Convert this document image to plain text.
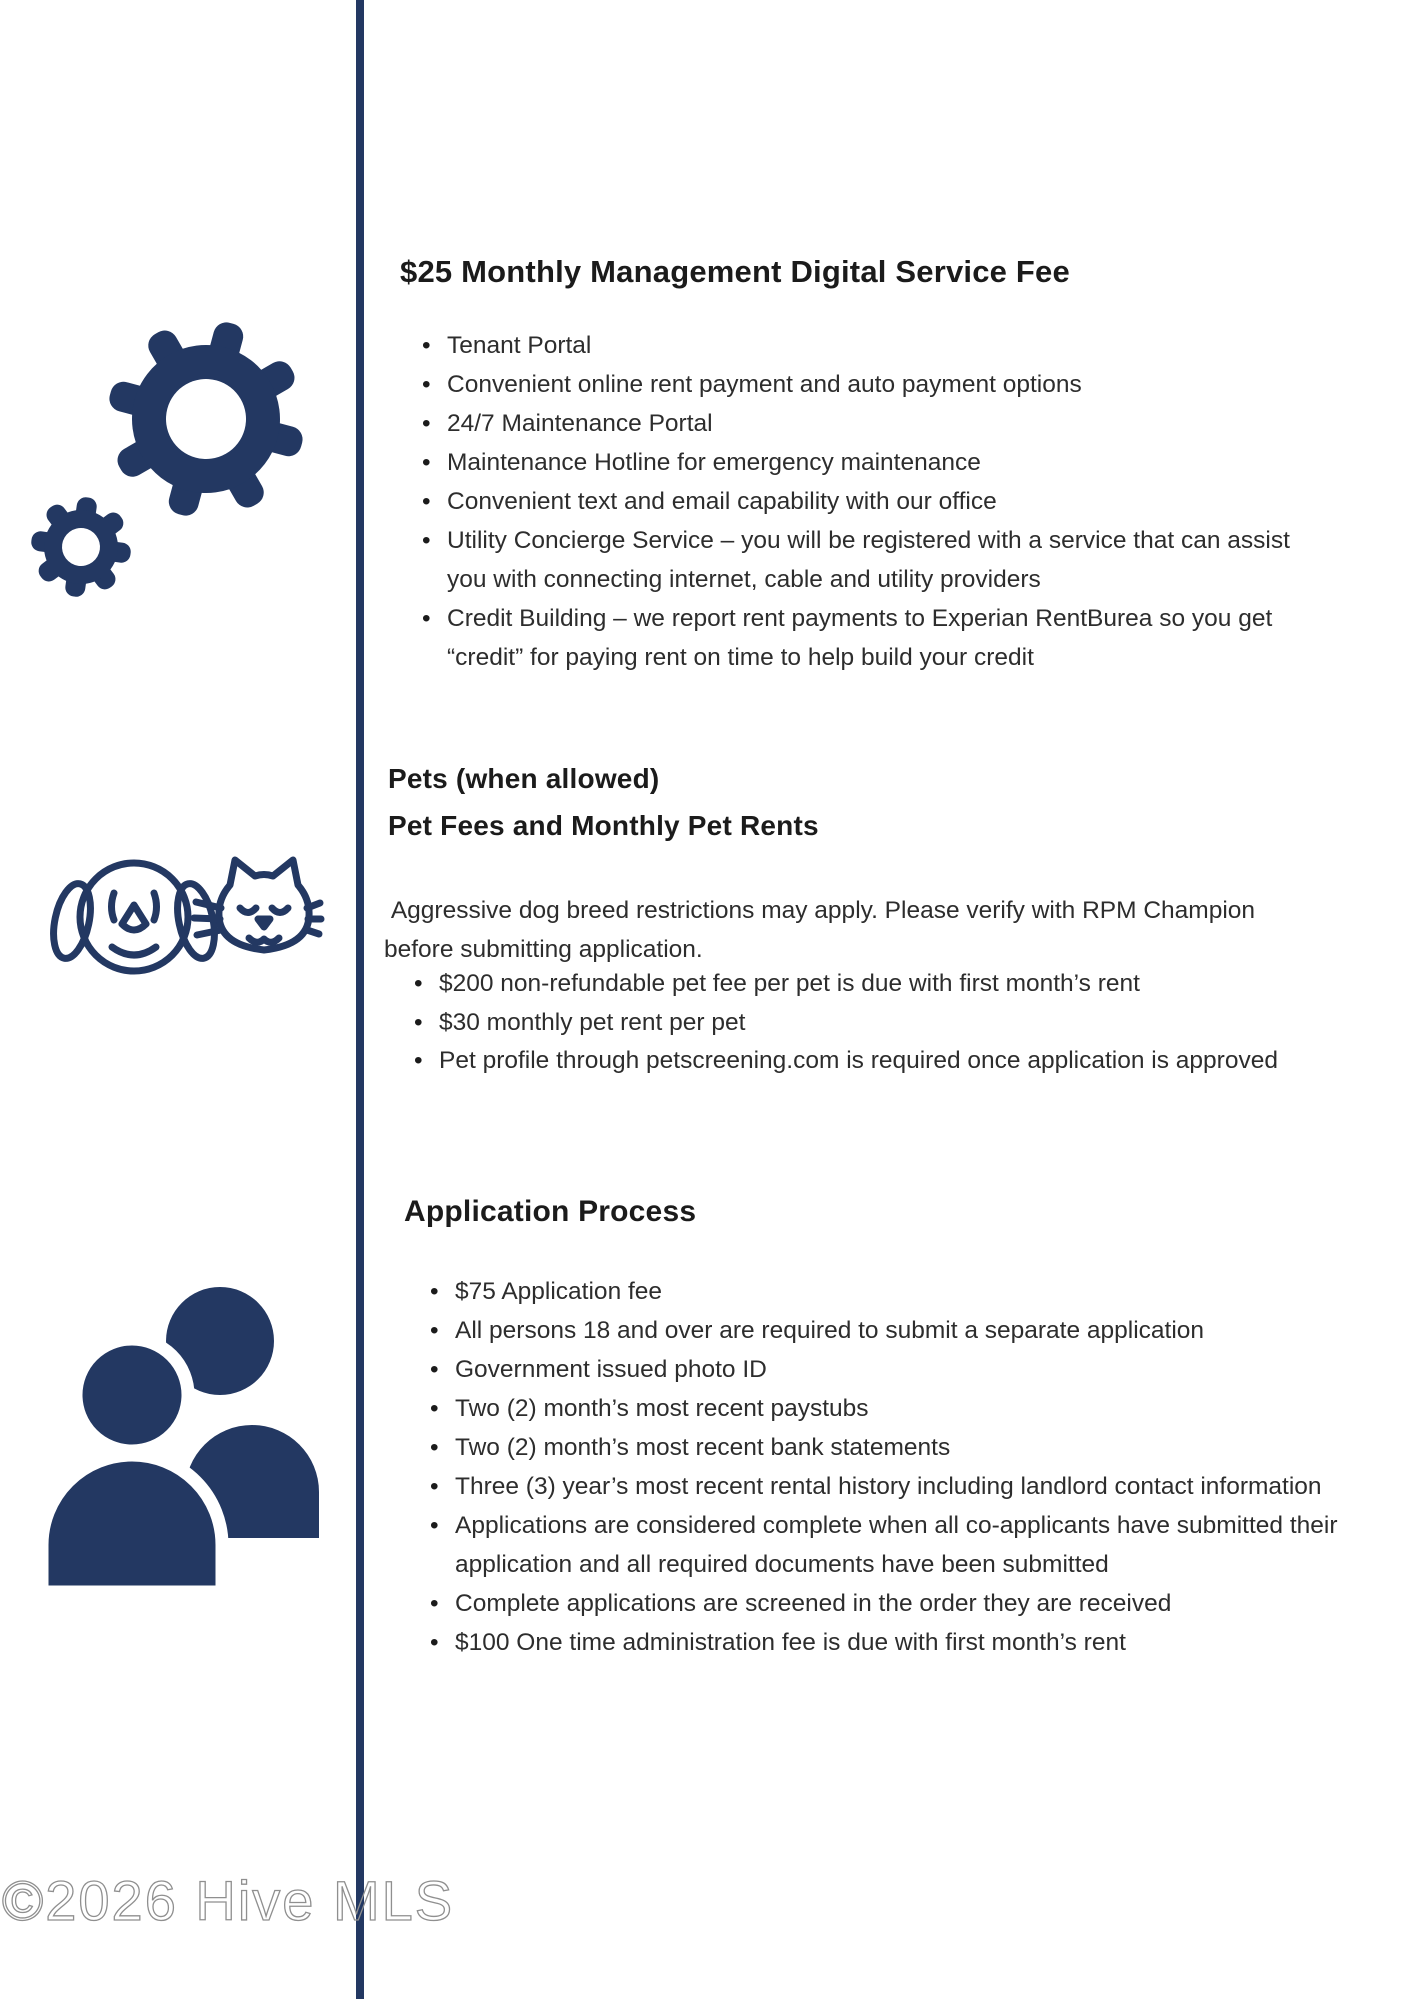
$25 Monthly Management Digital Service Fee
• Tenant Portal
• Convenient online rent payment and auto payment options
• 24/7 Maintenance Portal
• Maintenance Hotline for emergency maintenance
• Convenient text and email capability with our office
• Utility Concierge Service – you will be registered with a service that can assist you with connecting internet, cable and utility providers
• Credit Building – we report rent payments to Experian RentBurea so you get “credit” for paying rent on time to help build your credit
Pets (when allowed)
Pet Fees and Monthly Pet Rents

Aggressive dog breed restrictions may apply. Please verify with RPM Champion before submitting application.

• $200 non-refundable pet fee per pet is due with first month’s rent
• $30 monthly pet rent per pet
• Pet profile through petscreening.com is required once application is approved
Application Process
• $75 Application fee
• All persons 18 and over are required to submit a separate application
• Government issued photo ID
• Two (2) month’s most recent paystubs
• Two (2) month’s most recent bank statements
• Three (3) year’s most recent rental history including landlord contact information
• Applications are considered complete when all co-applicants have submitted their application and all required documents have been submitted
• Complete applications are screened in the order they are received
• $100 One time administration fee is due with first month’s rent
©2026 Hive MLS
